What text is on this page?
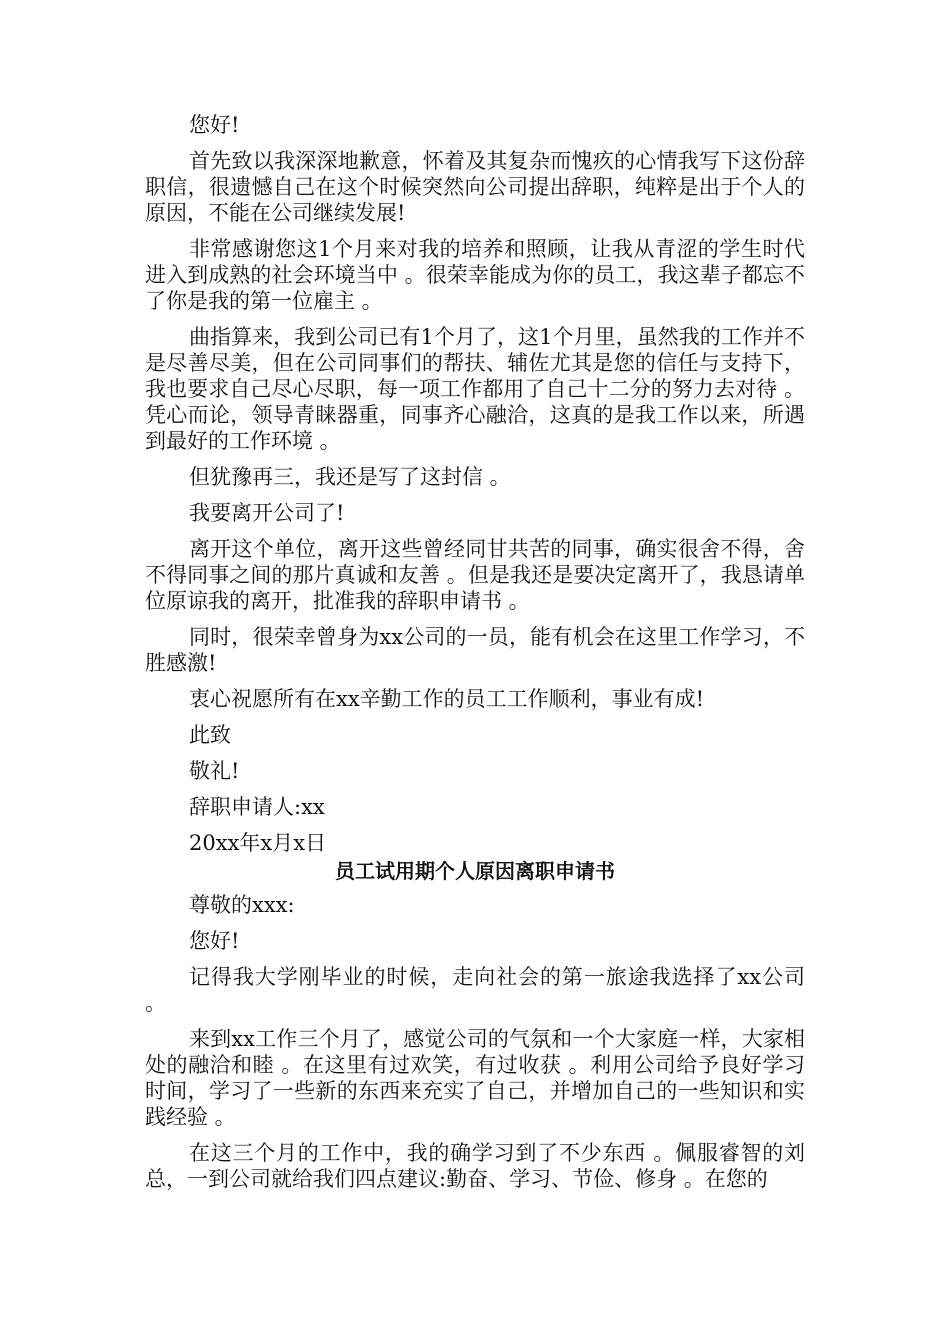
您好!

首先致以我深深地歉意，怀着及其复杂而愧疚的心情我写下这份辞职信，很遗憾自己在这个时候突然向公司提出辞职，纯粹是出于个人的原因，不能在公司继续发展!

非常感谢您这1个月来对我的培养和照顾，让我从青涩的学生时代进入到成熟的社会环境当中 。很荣幸能成为你的员工，我这辈子都忘不了你是我的第一位雇主 。

曲指算来，我到公司已有1个月了，这1个月里，虽然我的工作并不是尽善尽美，但在公司同事们的帮扶、辅佐尤其是您的信任与支持下，我也要求自己尽心尽职，每一项工作都用了自己十二分的努力去对待 。凭心而论，领导青睐器重，同事齐心融洽，这真的是我工作以来，所遇到最好的工作环境 。

但犹豫再三，我还是写了这封信 。

我要离开公司了!

离开这个单位，离开这些曾经同甘共苦的同事，确实很舍不得，舍不得同事之间的那片真诚和友善 。但是我还是要决定离开了，我恳请单位原谅我的离开，批准我的辞职申请书 。

同时，很荣幸曾身为xx公司的一员，能有机会在这里工作学习，不胜感激!

衷心祝愿所有在xx辛勤工作的员工工作顺利，事业有成!

此致

敬礼!

辞职申请人:xx

20xx年x月x日

员工试用期个人原因离职申请书

尊敬的xxx:

您好!

记得我大学刚毕业的时候，走向社会的第一旅途我选择了xx公司 。

来到xx工作三个月了，感觉公司的气氛和一个大家庭一样，大家相处的融洽和睦 。在这里有过欢笑，有过收获 。利用公司给予良好学习时间，学习了一些新的东西来充实了自己，并增加自己的一些知识和实践经验 。

在这三个月的工作中，我的确学习到了不少东西 。佩服睿智的刘总，一到公司就给我们四点建议:勤奋、学习、节俭、修身 。在您的
